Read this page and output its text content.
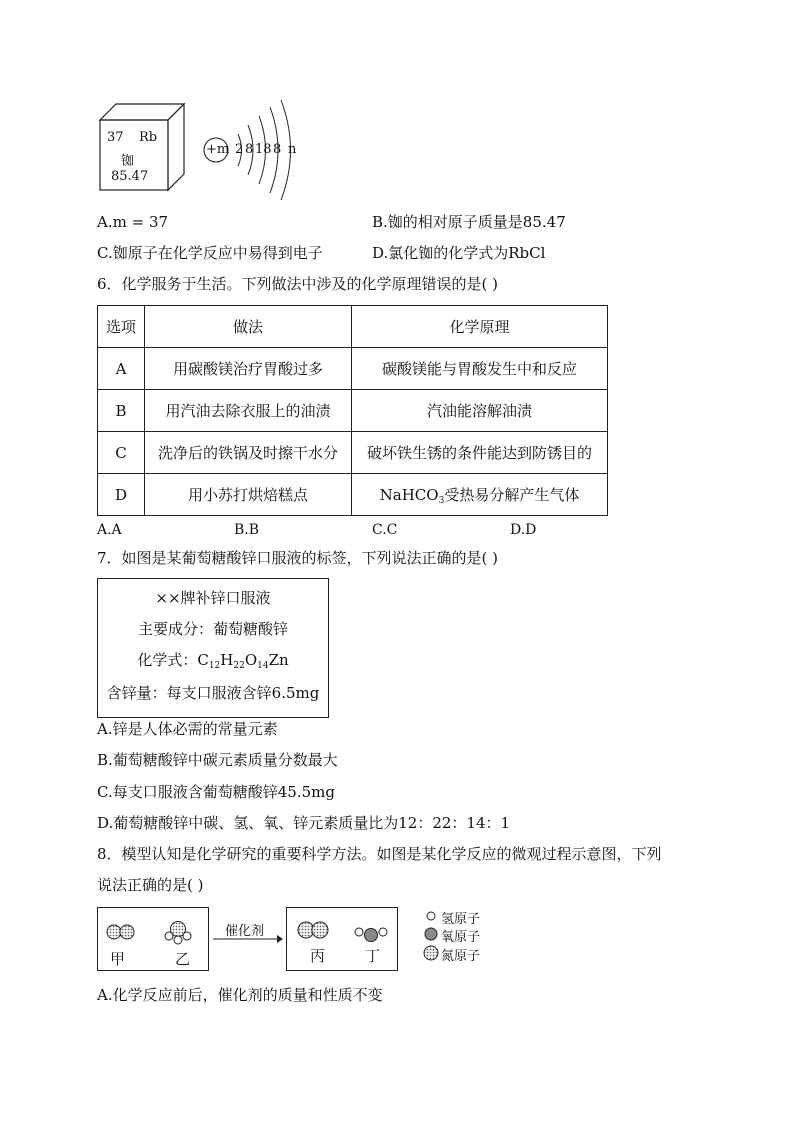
37 Rb
铷
85.47
+m 2 8 18 8 n
A.m = 37	B.铷的相对原子质量是85.47
C.铷原子在化学反应中易得到电子	D.氯化铷的化学式为RbCl
6．化学服务于生活。下列做法中涉及的化学原理错误的是( )
选项	做法	化学原理
A	用碳酸镁治疗胃酸过多	碳酸镁能与胃酸发生中和反应
B	用汽油去除衣服上的油渍	汽油能溶解油渍
C	洗净后的铁锅及时擦干水分	破坏铁生锈的条件能达到防锈目的
D	用小苏打烘焙糕点	NaHCO$_3$受热易分解产生气体
A.A	B.B	C.C	D.D
7．如图是某葡萄糖酸锌口服液的标签，下列说法正确的是( )
××牌补锌口服液
主要成分：葡萄糖酸锌
化学式：$C_{12}H_{22}O_{14}Zn$
含锌量：每支口服液含锌6.5mg
A.锌是人体必需的常量元素
B.葡萄糖酸锌中碳元素质量分数最大
C.每支口服液含葡萄糖酸锌45.5mg
D.葡萄糖酸锌中碳、氢、氧、锌元素质量比为12：22：14：1
8．模型认知是化学研究的重要科学方法。如图是某化学反应的微观过程示意图，下列
说法正确的是( )
甲	乙
催化剂
丙	丁
氢原子
氧原子
氮原子
A.化学反应前后，催化剂的质量和性质不变
